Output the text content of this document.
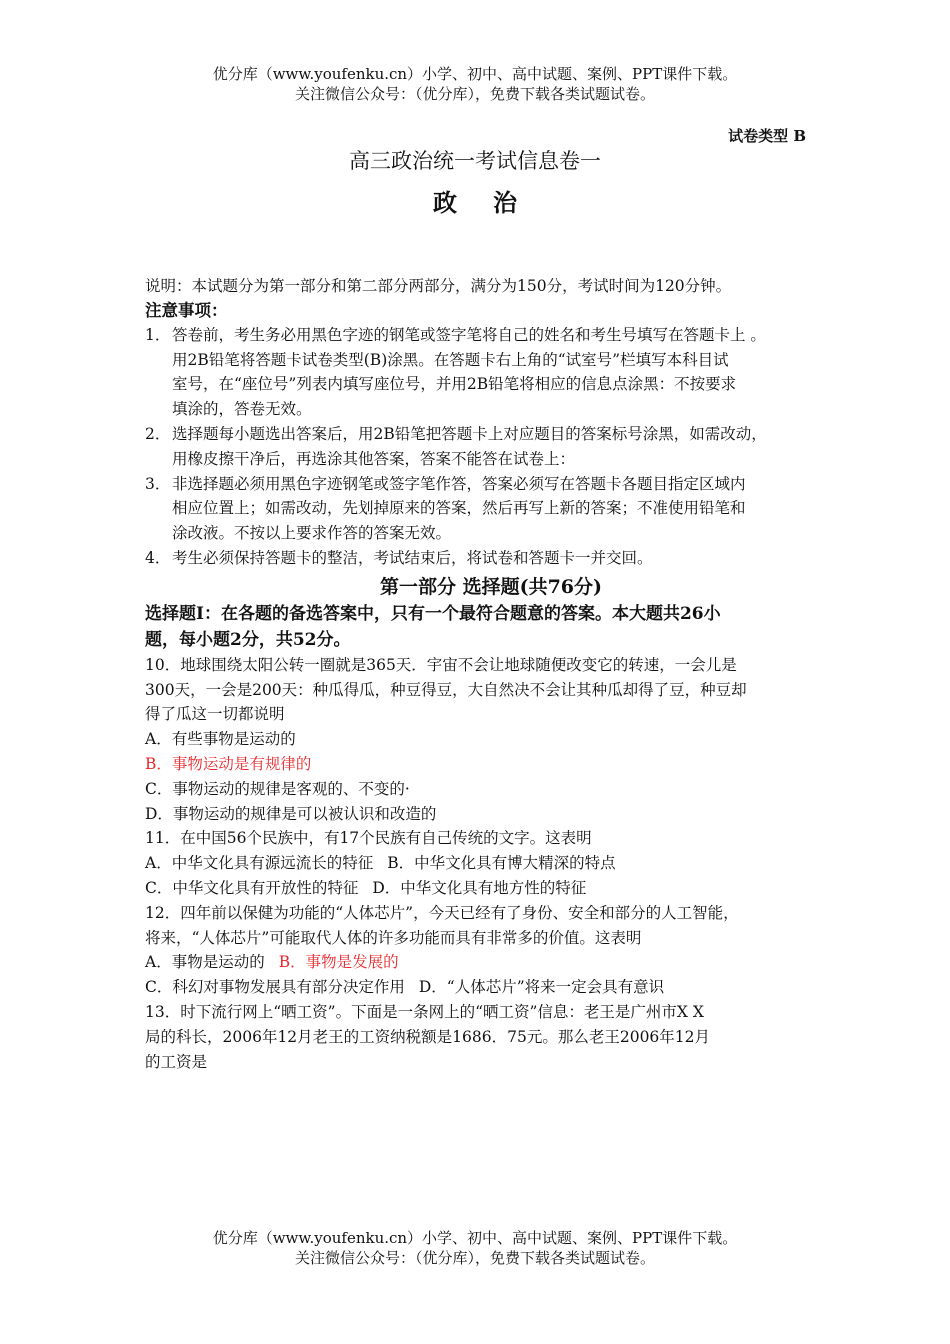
优分库（www.youfenku.cn）小学、初中、高中试题、案例、PPT课件下载。
关注微信公众号：（优分库），免费下载各类试题试卷。
试卷类型 B
高三政治统一考试信息卷一
政治
说明：本试题分为第一部分和第二部分两部分，满分为150分，考试时间为120分钟。
注意事项：
1． 答卷前，考生务必用黑色字迹的钢笔或签字笔将自己的姓名和考生号填写在答题卡上 。
用2B铅笔将答题卡试卷类型(B)涂黑。在答题卡右上角的“试室号”栏填写本科目试
室号，在“座位号”列表内填写座位号，并用2B铅笔将相应的信息点涂黑：不按要求
填涂的，答卷无效。
2． 选择题每小题选出答案后，用2B铅笔把答题卡上对应题目的答案标号涂黑，如需改动，
用橡皮擦干净后，再选涂其他答案，答案不能答在试卷上：
3． 非选择题必须用黑色字迹钢笔或签字笔作答，答案必须写在答题卡各题目指定区域内
相应位置上；如需改动，先划掉原来的答案，然后再写上新的答案；不准使用铅笔和
涂改液。不按以上要求作答的答案无效。
4． 考生必须保持答题卡的整洁，考试结束后，将试卷和答题卡一并交回。
第一部分 选择题(共76分)
选择题Ⅰ：在各题的备选答案中，只有一个最符合题意的答案。本大题共26小
题，每小题2分，共52分。
10．地球围绕太阳公转一圈就是365天．宇宙不会让地球随便改变它的转速，一会儿是
300天，一会是200天：种瓜得瓜，种豆得豆，大自然决不会让其种瓜却得了豆，种豆却
得了瓜这一切都说明
A．有些事物是运动的
B．事物运动是有规律的
C．事物运动的规律是客观的、不变的·
D．事物运动的规律是可以被认识和改造的
11．在中国56个民族中，有17个民族有自己传统的文字。这表明
A．中华文化具有源远流长的特征 B．中华文化具有博大精深的特点
C．中华文化具有开放性的特征 D．中华文化具有地方性的特征
12．四年前以保健为功能的“人体芯片”，今天已经有了身份、安全和部分的人工智能，
将来，“人体芯片”可能取代人体的许多功能而具有非常多的价值。这表明
A．事物是运动的 B．事物是发展的
C．科幻对事物发展具有部分决定作用 D．“人体芯片”将来一定会具有意识
13．时下流行网上“晒工资”。下面是一条网上的“晒工资”信息：老王是广州市X X
局的科长，2006年12月老王的工资纳税额是1686．75元。那么老王2006年12月
的工资是
优分库（www.youfenku.cn）小学、初中、高中试题、案例、PPT课件下载。
关注微信公众号：（优分库），免费下载各类试题试卷。
